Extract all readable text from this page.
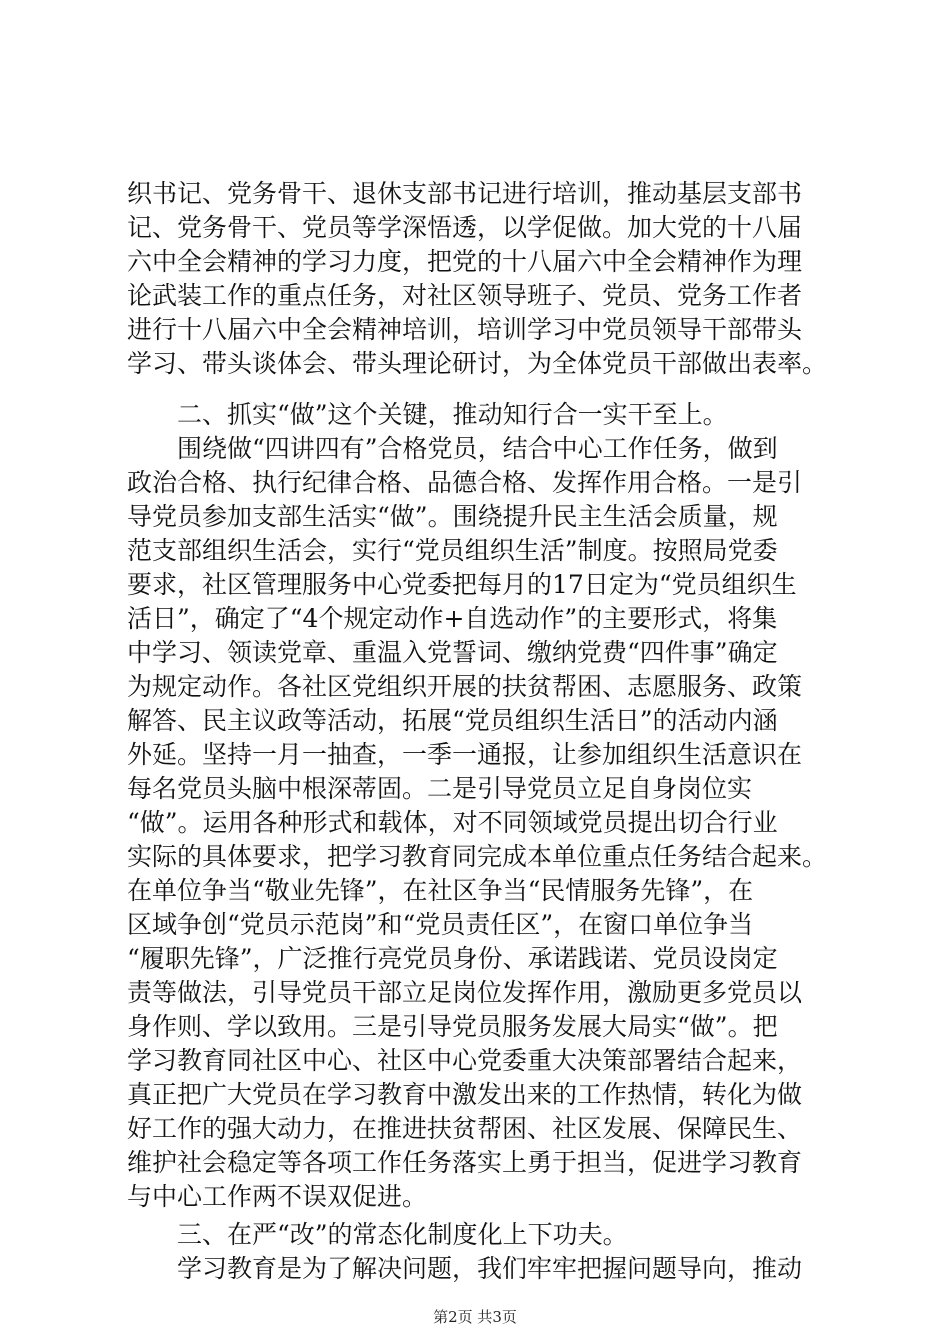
织书记、党务骨干、退休支部书记进行培训，推动基层支部书
记、党务骨干、党员等学深悟透，以学促做。加大党的十八届
六中全会精神的学习力度，把党的十八届六中全会精神作为理
论武装工作的重点任务，对社区领导班子、党员、党务工作者
进行十八届六中全会精神培训，培训学习中党员领导干部带头
学习、带头谈体会、带头理论研讨，为全体党员干部做出表率。
二、抓实“做”这个关键，推动知行合一实干至上。
围绕做“四讲四有”合格党员，结合中心工作任务，做到
政治合格、执行纪律合格、品德合格、发挥作用合格。一是引
导党员参加支部生活实“做”。围绕提升民主生活会质量，规
范支部组织生活会，实行“党员组织生活”制度。按照局党委
要求，社区管理服务中心党委把每月的17日定为“党员组织生
活日”，确定了“4个规定动作+自选动作”的主要形式，将集
中学习、领读党章、重温入党誓词、缴纳党费“四件事”确定
为规定动作。各社区党组织开展的扶贫帮困、志愿服务、政策
解答、民主议政等活动，拓展“党员组织生活日”的活动内涵
外延。坚持一月一抽查，一季一通报，让参加组织生活意识在
每名党员头脑中根深蒂固。二是引导党员立足自身岗位实
“做”。运用各种形式和载体，对不同领域党员提出切合行业
实际的具体要求，把学习教育同完成本单位重点任务结合起来。
在单位争当“敬业先锋”，在社区争当“民情服务先锋”，在
区域争创“党员示范岗”和“党员责任区”，在窗口单位争当
“履职先锋”，广泛推行亮党员身份、承诺践诺、党员设岗定
责等做法，引导党员干部立足岗位发挥作用，激励更多党员以
身作则、学以致用。三是引导党员服务发展大局实“做”。把
学习教育同社区中心、社区中心党委重大决策部署结合起来，
真正把广大党员在学习教育中激发出来的工作热情，转化为做
好工作的强大动力，在推进扶贫帮困、社区发展、保障民生、
维护社会稳定等各项工作任务落实上勇于担当，促进学习教育
与中心工作两不误双促进。
三、在严“改”的常态化制度化上下功夫。
学习教育是为了解决问题，我们牢牢把握问题导向，推动
第2页 共3页
